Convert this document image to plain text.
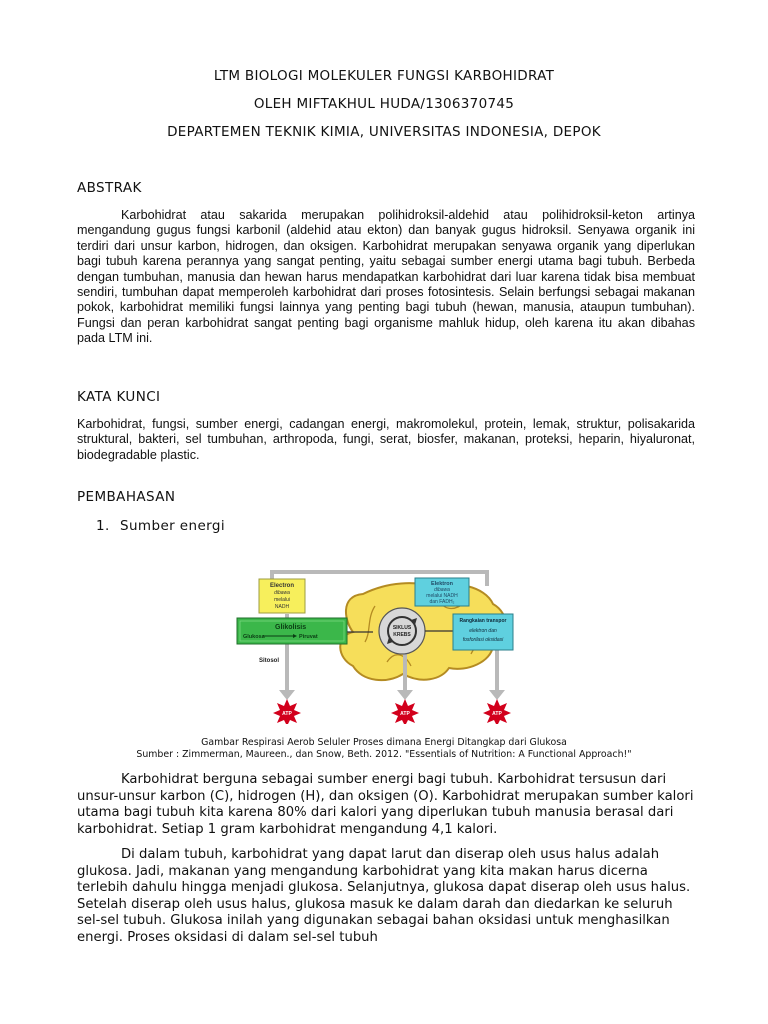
LTM BIOLOGI MOLEKULER FUNGSI KARBOHIDRAT
OLEH MIFTAKHUL HUDA/1306370745
DEPARTEMEN TEKNIK KIMIA, UNIVERSITAS INDONESIA, DEPOK
ABSTRAK

Karbohidrat atau sakarida merupakan polihidroksil-aldehid atau polihidroksil-keton artinya mengandung gugus fungsi karbonil (aldehid atau ekton) dan banyak gugus hidroksil. Senyawa organik ini terdiri dari unsur karbon, hidrogen, dan oksigen. Karbohidrat merupakan senyawa organik yang diperlukan bagi tubuh karena perannya yang sangat penting, yaitu sebagai sumber energi utama bagi tubuh. Berbeda dengan tumbuhan, manusia dan hewan harus mendapatkan karbohidrat dari luar karena tidak bisa membuat sendiri, tumbuhan dapat memperoleh karbohidrat dari proses fotosintesis. Selain berfungsi sebagai makanan pokok, karbohidrat memiliki fungsi lainnya yang penting bagi tubuh (hewan, manusia, ataupun tumbuhan). Fungsi dan peran karbohidrat sangat penting bagi organisme mahluk hidup, oleh karena itu akan dibahas pada LTM ini.

KATA KUNCI

Karbohidrat, fungsi, sumber energi, cadangan energi, makromolekul, protein, lemak, struktur, polisakarida struktural, bakteri, sel tumbuhan, arthropoda, fungi, serat, biosfer, makanan, proteksi, heparin, hiyaluronat, biodegradable plastic.

PEMBAHASAN
1. Sumber energi
Electron
dibawa
melalui
NADH
Elektron
dibawa
melalui NADH
dan FADH₂
Glikolisis
Glukosa	Piruvat
SIKLUS
KREBS
Rangkaian transpor
elektron dan
fosforilasi oksidasi
Sitosol
ATP	ATP	ATP
Gambar Respirasi Aerob Seluler Proses dimana Energi Ditangkap dari Glukosa
Sumber : Zimmerman, Maureen., dan Snow, Beth. 2012. "Essentials of Nutrition: A Functional Approach!"

Karbohidrat berguna sebagai sumber energi bagi tubuh. Karbohidrat tersusun dari unsur-unsur karbon (C), hidrogen (H), dan oksigen (O). Karbohidrat merupakan sumber kalori utama bagi tubuh kita karena 80% dari kalori yang diperlukan tubuh manusia berasal dari karbohidrat. Setiap 1 gram karbohidrat mengandung 4,1 kalori.

Di dalam tubuh, karbohidrat yang dapat larut dan diserap oleh usus halus adalah glukosa. Jadi, makanan yang mengandung karbohidrat yang kita makan harus dicerna terlebih dahulu hingga menjadi glukosa. Selanjutnya, glukosa dapat diserap oleh usus halus. Setelah diserap oleh usus halus, glukosa masuk ke dalam darah dan diedarkan ke seluruh sel-sel tubuh. Glukosa inilah yang digunakan sebagai bahan oksidasi untuk menghasilkan energi. Proses oksidasi di dalam sel-sel tubuh
